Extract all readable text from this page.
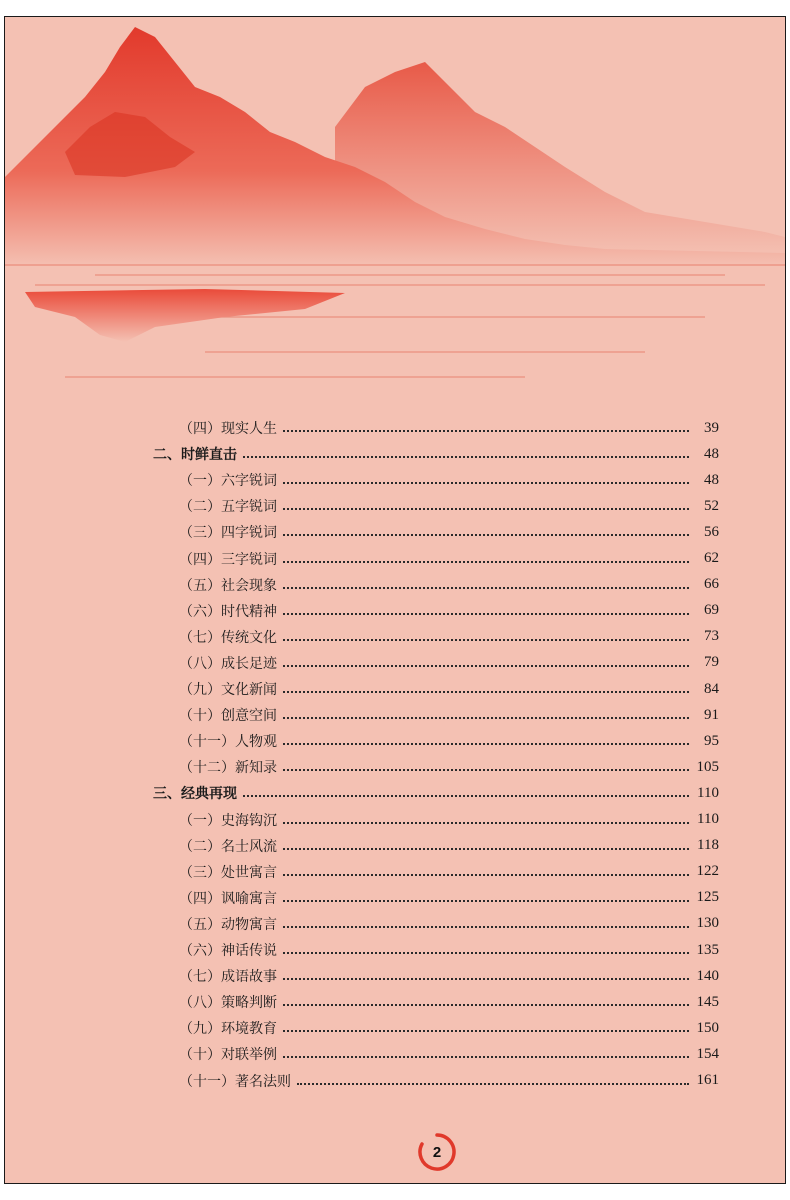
（四）现实人生	39
二、时鲜直击	48
（一）六字锐词	48
（二）五字锐词	52
（三）四字锐词	56
（四）三字锐词	62
（五）社会现象	66
（六）时代精神	69
（七）传统文化	73
（八）成长足迹	79
（九）文化新闻	84
（十）创意空间	91
（十一）人物观	95
（十二）新知录	105
三、经典再现	110
（一）史海钩沉	110
（二）名士风流	118
（三）处世寓言	122
（四）讽喻寓言	125
（五）动物寓言	130
（六）神话传说	135
（七）成语故事	140
（八）策略判断	145
（九）环境教育	150
（十）对联举例	154
（十一）著名法则	161
2
